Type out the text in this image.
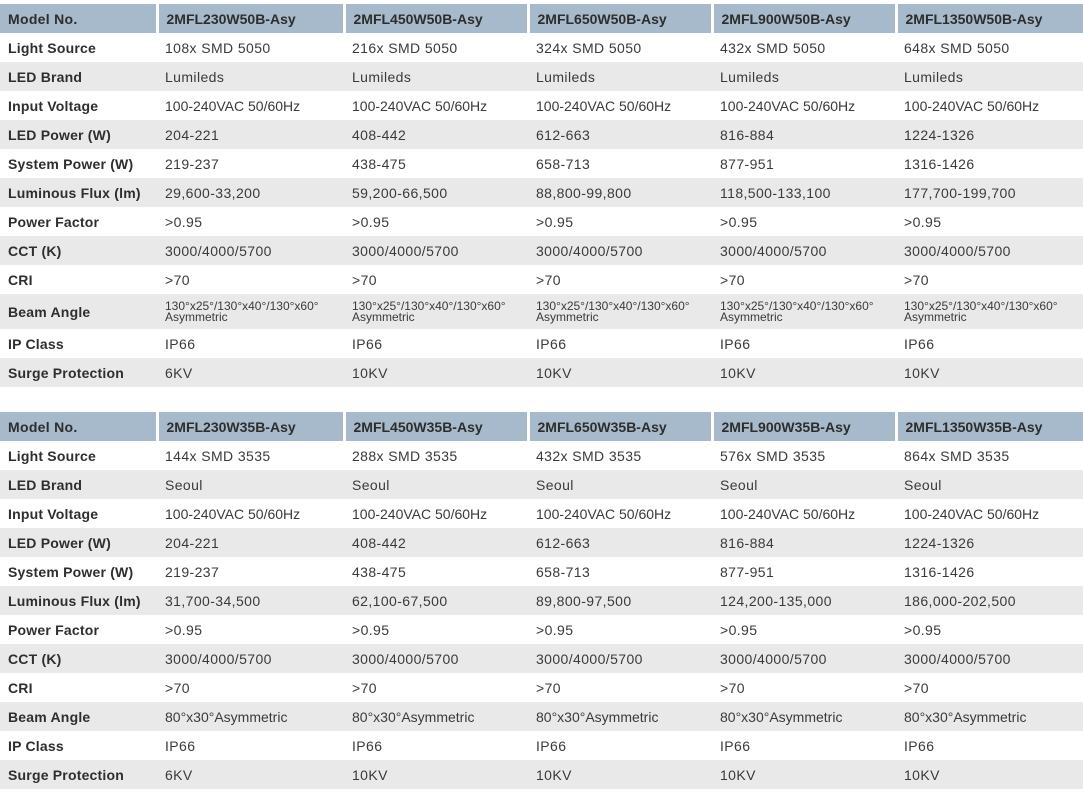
Model No.	2MFL230W50B-Asy	2MFL450W50B-Asy	2MFL650W50B-Asy	2MFL900W50B-Asy	2MFL1350W50B-Asy
Light Source	108x SMD 5050	216x SMD 5050	324x SMD 5050	432x SMD 5050	648x SMD 5050
LED Brand	Lumileds	Lumileds	Lumileds	Lumileds	Lumileds
Input Voltage	100-240VAC 50/60Hz	100-240VAC 50/60Hz	100-240VAC 50/60Hz	100-240VAC 50/60Hz	100-240VAC 50/60Hz
LED Power (W)	204-221	408-442	612-663	816-884	1224-1326
System Power (W)	219-237	438-475	658-713	877-951	1316-1426
Luminous Flux (lm)	29,600-33,200	59,200-66,500	88,800-99,800	118,500-133,100	177,700-199,700
Power Factor	>0.95	>0.95	>0.95	>0.95	>0.95
CCT (K)	3000/4000/5700	3000/4000/5700	3000/4000/5700	3000/4000/5700	3000/4000/5700
CRI	>70	>70	>70	>70	>70
Beam Angle	130°x25°/130°x40°/130°x60° Asymmetric	130°x25°/130°x40°/130°x60° Asymmetric	130°x25°/130°x40°/130°x60° Asymmetric	130°x25°/130°x40°/130°x60° Asymmetric	130°x25°/130°x40°/130°x60° Asymmetric
IP Class	IP66	IP66	IP66	IP66	IP66
Surge Protection	6KV	10KV	10KV	10KV	10KV
Model No.	2MFL230W35B-Asy	2MFL450W35B-Asy	2MFL650W35B-Asy	2MFL900W35B-Asy	2MFL1350W35B-Asy
Light Source	144x SMD 3535	288x SMD 3535	432x SMD 3535	576x SMD 3535	864x SMD 3535
LED Brand	Seoul	Seoul	Seoul	Seoul	Seoul
Input Voltage	100-240VAC 50/60Hz	100-240VAC 50/60Hz	100-240VAC 50/60Hz	100-240VAC 50/60Hz	100-240VAC 50/60Hz
LED Power (W)	204-221	408-442	612-663	816-884	1224-1326
System Power (W)	219-237	438-475	658-713	877-951	1316-1426
Luminous Flux (lm)	31,700-34,500	62,100-67,500	89,800-97,500	124,200-135,000	186,000-202,500
Power Factor	>0.95	>0.95	>0.95	>0.95	>0.95
CCT (K)	3000/4000/5700	3000/4000/5700	3000/4000/5700	3000/4000/5700	3000/4000/5700
CRI	>70	>70	>70	>70	>70
Beam Angle	80°x30°Asymmetric	80°x30°Asymmetric	80°x30°Asymmetric	80°x30°Asymmetric	80°x30°Asymmetric
IP Class	IP66	IP66	IP66	IP66	IP66
Surge Protection	6KV	10KV	10KV	10KV	10KV
